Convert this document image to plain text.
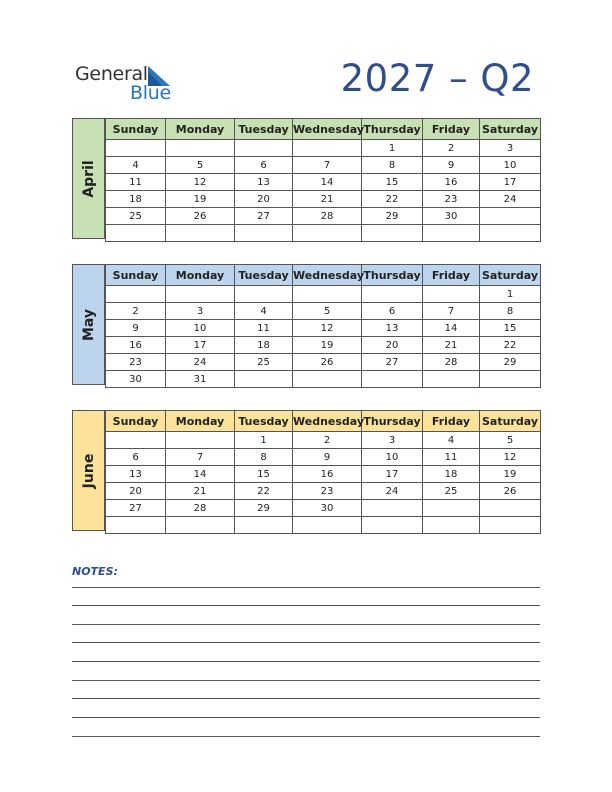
General
Blue	2027 – Q2
April
Sunday	Monday	Tuesday	Wednesday	Thursday	Friday	Saturday
				1	2	3
4	5	6	7	8	9	10
11	12	13	14	15	16	17
18	19	20	21	22	23	24
25	26	27	28	29	30	

May
Sunday	Monday	Tuesday	Wednesday	Thursday	Friday	Saturday
						1
2	3	4	5	6	7	8
9	10	11	12	13	14	15
16	17	18	19	20	21	22
23	24	25	26	27	28	29
30	31					
June
Sunday	Monday	Tuesday	Wednesday	Thursday	Friday	Saturday
		1	2	3	4	5
6	7	8	9	10	11	12
13	14	15	16	17	18	19
20	21	22	23	24	25	26
27	28	29	30			

NOTES:
